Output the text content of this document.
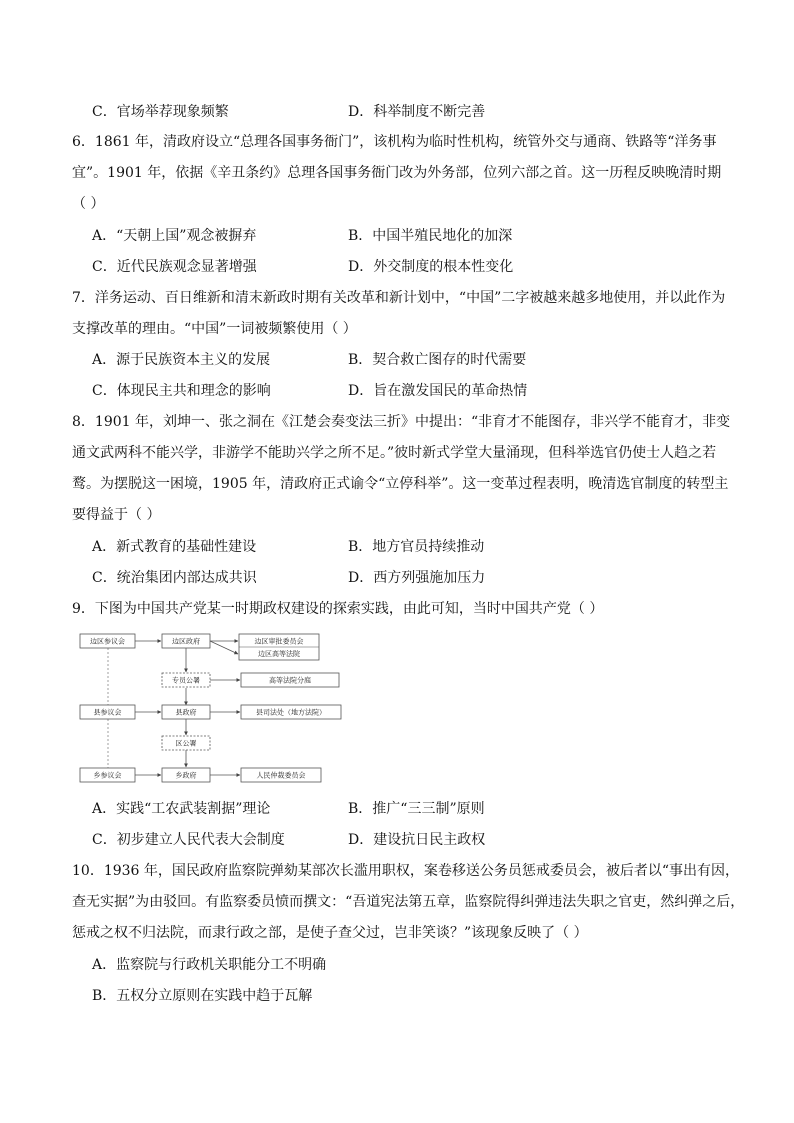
C．官场举荐现象频繁	D．科举制度不断完善
6．1861 年，清政府设立“总理各国事务衙门”，该机构为临时性机构，统管外交与通商、铁路等“洋务事
宜”。1901 年，依据《辛丑条约》总理各国事务衙门改为外务部，位列六部之首。这一历程反映晚清时期
（ ）
A．“天朝上国”观念被摒弃	B．中国半殖民地化的加深
C．近代民族观念显著增强	D．外交制度的根本性变化
7．洋务运动、百日维新和清末新政时期有关改革和新计划中，“中国”二字被越来越多地使用，并以此作为
支撑改革的理由。“中国”一词被频繁使用（ ）
A．源于民族资本主义的发展	B．契合救亡图存的时代需要
C．体现民主共和理念的影响	D．旨在激发国民的革命热情
8．1901 年，刘坤一、张之洞在《江楚会奏变法三折》中提出：“非育才不能图存，非兴学不能育才，非变
通文武两科不能兴学，非游学不能助兴学之所不足。”彼时新式学堂大量涌现，但科举选官仍使士人趋之若
鹜。为摆脱这一困境，1905 年，清政府正式谕令“立停科举”。这一变革过程表明，晚清选官制度的转型主
要得益于（ ）
A．新式教育的基础性建设	B．地方官员持续推动
C．统治集团内部达成共识	D．西方列强施加压力
9．下图为中国共产党某一时期政权建设的探索实践，由此可知，当时中国共产党（ ）
边区参议会	边区政府	边区审批委员会
边区高等法院
专员公署	高等法院分庭
县参议会	县政府	县司法处（地方法院）
区公署
乡参议会	乡政府	人民仲裁委员会
A．实践“工农武装割据”理论	B．推广“三三制”原则
C．初步建立人民代表大会制度	D．建设抗日民主政权
10．1936 年，国民政府监察院弹劾某部次长滥用职权，案卷移送公务员惩戒委员会，被后者以“事出有因，
查无实据”为由驳回。有监察委员愤而撰文：“吾道宪法第五章，监察院得纠弹违法失职之官吏，然纠弹之后，
惩戒之权不归法院，而隶行政之部，是使子查父过，岂非笑谈？”该现象反映了（ ）
A．监察院与行政机关职能分工不明确
B．五权分立原则在实践中趋于瓦解
